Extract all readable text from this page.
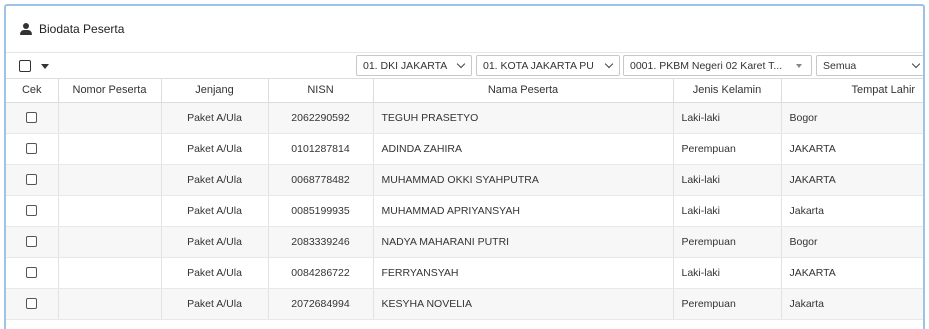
Biodata Peserta
01. DKI JAKARTA	01. KOTA JAKARTA PU	0001. PKBM Negeri 02 Karet T...	Semua
Cek	Nomor Peserta	Jenjang	NISN	Nama Peserta	Jenis Kelamin	Tempat Lahir
		Paket A/Ula	2062290592	TEGUH PRASETYO	Laki-laki	Bogor
		Paket A/Ula	0101287814	ADINDA ZAHIRA	Perempuan	JAKARTA
		Paket A/Ula	0068778482	MUHAMMAD OKKI SYAHPUTRA	Laki-laki	JAKARTA
		Paket A/Ula	0085199935	MUHAMMAD APRIYANSYAH	Laki-laki	Jakarta
		Paket A/Ula	2083339246	NADYA MAHARANI PUTRI	Perempuan	Bogor
		Paket A/Ula	0084286722	FERRYANSYAH	Laki-laki	JAKARTA
		Paket A/Ula	2072684994	KESYHA NOVELIA	Perempuan	Jakarta
